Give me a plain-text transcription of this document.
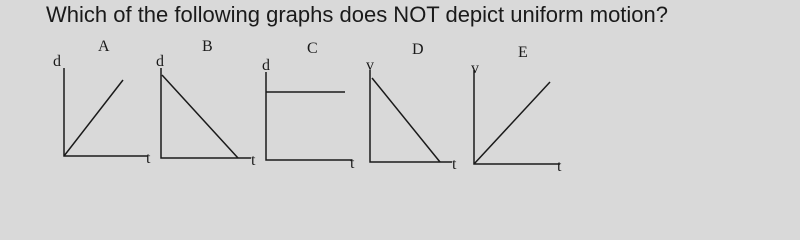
Which of the following graphs does NOT depict uniform motion?
A
d
t
B
d
t
C
d
t
D
v
t
E
v
t
